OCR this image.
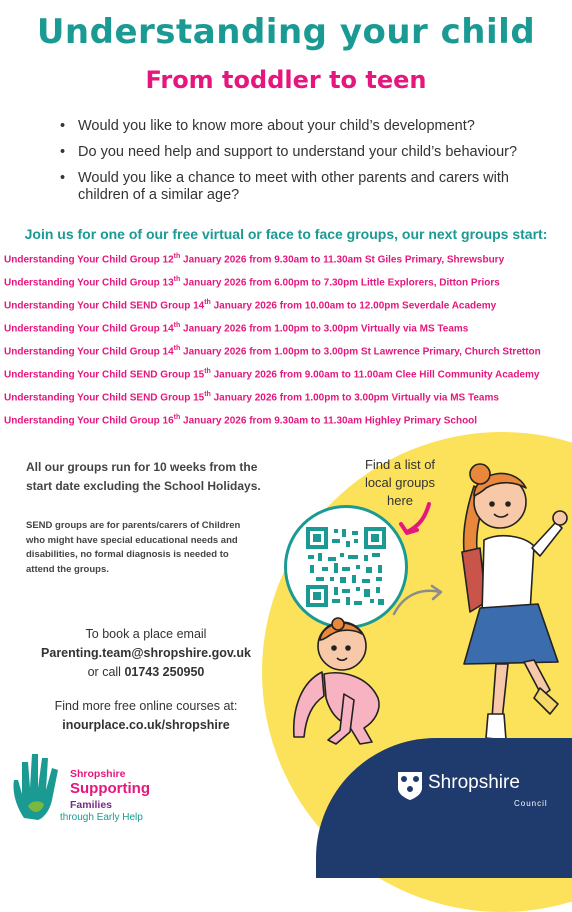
Understanding your child
From toddler to teen
• Would you like to know more about your child’s development?
• Do you need help and support to understand your child’s behaviour?
• Would you like a chance to meet with other parents and carers with children of a similar age?
Join us for one of our free virtual or face to face groups, our next groups start:
Understanding Your Child Group 12th January 2026 from 9.30am to 11.30am St Giles Primary, Shrewsbury
Understanding Your Child Group 13th January 2026 from 6.00pm to 7.30pm Little Explorers, Ditton Priors
Understanding Your Child SEND Group 14th January 2026 from 10.00am to 12.00pm Severdale Academy
Understanding Your Child Group 14th January 2026 from 1.00pm to 3.00pm Virtually via MS Teams
Understanding Your Child Group 14th January 2026 from 1.00pm to 3.00pm St Lawrence Primary, Church Stretton
Understanding Your Child SEND Group 15th January 2026 from 9.00am to 11.00am Clee Hill Community Academy
Understanding Your Child SEND Group 15th January 2026 from 1.00pm to 3.00pm Virtually via MS Teams
Understanding Your Child Group 16th January 2026 from 9.30am to 11.30am Highley Primary School
All our groups run for 10 weeks from the start date excluding the School Holidays.
SEND groups are for parents/carers of Children who might have special educational needs and disabilities, no formal diagnosis is needed to attend the groups.
To book a place email
Parenting.team@shropshire.gov.uk
or call 01743 250950
Find more free online courses at:
inourplace.co.uk/shropshire
Find a list of
local groups
here
Shropshire
Supporting
Families
through Early Help
Shropshire
Council
